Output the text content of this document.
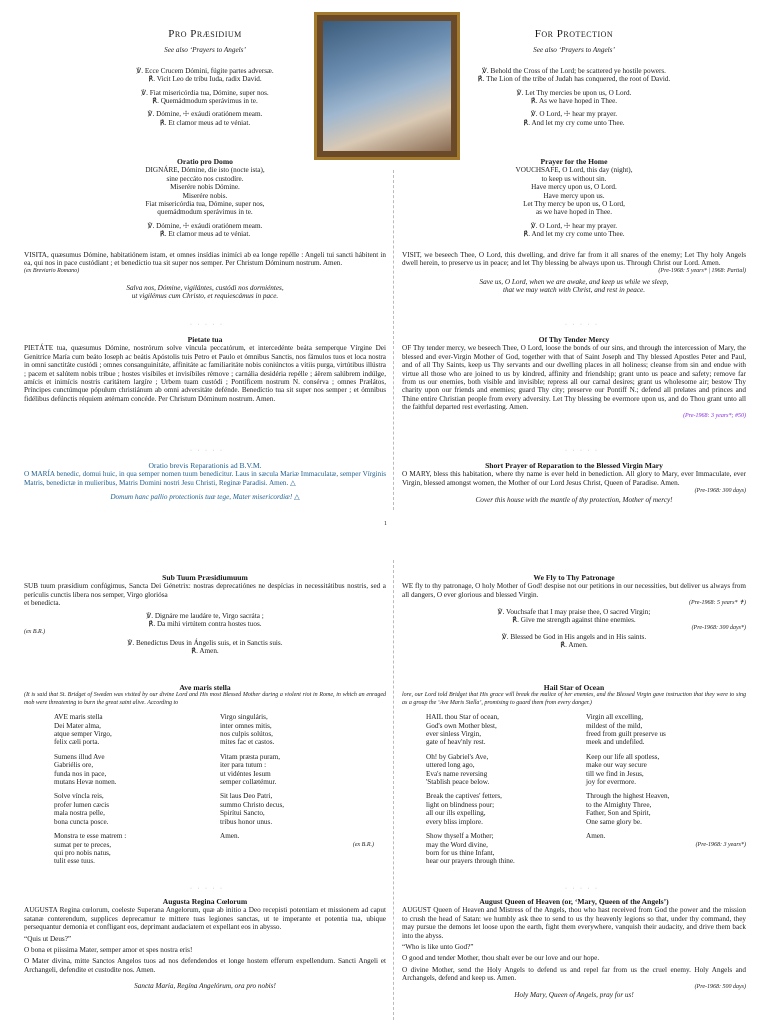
Pro Præsidium
See also ‘Prayers to Angels’
℣. Ecce Crucem Dómini, fúgite partes adversæ.
℟. Vicit Leo de tribu Iuda, radix David.
℣. Fiat misericórdia tua, Dómine, super nos.
℟. Quemádmodum sperávimus in te.
℣. Dómine, ☩ exáudi oratiónem meam.
℟. Et clamor meus ad te véniat.
For Protection
See also ‘Prayers to Angels’
℣. Behold the Cross of the Lord; be scattered ye hostile powers.
℟. The Lion of the tribe of Judah has conquered, the root of David.
℣. Let Thy mercies be upon us, O Lord.
℟. As we have hoped in Thee.
℣. O Lord, ☩ hear my prayer.
℟. And let my cry come unto Thee.
Oratio pro Domo
DIGNÁRE, Dómine, die isto (nocte ista),
sine peccáto nos custodíre.
Miserére nobis Dómine.
Miserére nobis.
Fiat misericórdia tua, Dómine, super nos,
quemádmodum sperávimus in te.
℣. Dómine, ☩ exáudi oratiónem meam.
℟. Et clamor meus ad te véniat.

VISITA, quæsumus Dómine, habitatiónem istam, et omnes insídias inimíci ab ea longe repélle : Angeli tui sancti hábitent in ea, qui nos in pace custódiant ; et benedíctio tua sit super nos semper. Per Christum Dóminum nostrum. Amen.

(ex Breviario Romano)
Salva nos, Dómine, vigilántes, custódi nos dormiéntes,
ut vigilémus cum Christo, et requiescámus in pace.
Prayer for the Home
VOUCHSAFE, O Lord, this day (night),
to keep us without sin.
Have mercy upon us, O Lord.
Have mercy upon us.
Let Thy mercy be upon us, O Lord,
as we have hoped in Thee.
℣. O Lord, ☩ hear my prayer.
℟. And let my cry come unto Thee.

VISIT, we beseech Thee, O Lord, this dwelling, and drive far from it all snares of the enemy; Let Thy holy Angels dwell herein, to preserve us in peace; and let Thy blessing be always upon us. Through Christ our Lord. Amen.

(Pre-1968: 5 years* | 1968: Partial)
Save us, O Lord, when we are awake, and keep us while we sleep,
that we may watch with Christ, and rest in peace.
· · · · ·	· · · · ·
Pietate tua

PIETÁTE tua, quæsumus Dómine, nostrórum solve víncula peccatórum, et intercedénte beáta semperque Vírgine Dei Genitríce María cum beáto Ioseph ac beátis Apóstolis tuis Petro et Paulo et ómnibus Sanctis, nos fámulos tuos et loca nostra in omni sanctitáte custódi ; omnes consanguinitáte, affinitáte ac familiaritáte nobis coniúnctos a vítiis purga, virtútibus illústra ; pacem et salútem nobis tríbue ; hostes visíbiles et invisíbiles rémove ; carnália desidéria repélle ; áërem salúbrem indúlge, amícis et inimícis nostris caritátem largíre ; Urbem tuam custódi ; Pontíficem nostrum N. consérva ; omnes Prælátos, Príncipes cunctúmque pópulum christiánum ab omni adversitáte defénde. Benedíctio tua sit super nos semper ; et ómnibus fidélibus defúnctis réquiem ætérnam concéde. Per Christum Dóminum nostrum. Amen.

Of Thy Tender Mercy

OF Thy tender mercy, we beseech Thee, O Lord, loose the bonds of our sins, and through the intercession of Mary, the blessed and ever-Virgin Mother of God, together with that of Saint Joseph and Thy blessed Apostles Peter and Paul, and of all Thy Saints, keep us Thy servants and our dwelling places in all holiness; cleanse from sin and endue with virtue all those who are joined to us by kindred, affinity and friendship; grant unto us peace and safety; remove far from us our enemies, both visible and invisible; repress all our carnal desires; grant us wholesome air; bestow Thy charity upon our friends and enemies; guard Thy city; preserve our Pontiff N.; defend all prelates and princes and Thine entire Christian people from every adversity. Let Thy blessing be evermore upon us, and do Thou grant unto all the faithful departed rest everlasting. Amen.

(Pre-1968: 3 years*; #50)
· · · · ·	· · · · ·
Oratio brevis Reparationis ad B.V.M.

O MARÍA benedic, domui huic, in qua semper nomen tuum benedicitur. Laus in sæcula Mariæ Immaculatæ, semper Vírginis Matris, benedictæ in mulieribus, Matris Domini nostri Jesu Christi, Reginæ Paradisi. Amen. △

Domum hanc pallio protectionis tuæ tege, Mater misericordiæ! △
Short Prayer of Reparation to the Blessed Virgin Mary

O MARY, bless this habitation, where thy name is ever held in benediction. All glory to Mary, ever Immaculate, ever Virgin, blessed amongst women, the Mother of our Lord Jesus Christ, Queen of Paradise. Amen.

(Pre-1968: 300 days)
Cover this house with the mantle of thy protection, Mother of mercy!
1
Sub Tuum Præsidiumuum

SUB tuum præsídium confúgimus, Sancta Dei Génetrix: nostras deprecatiónes ne despícias in necessitátibus nostris, sed a perículis cunctis líbera nos semper, Virgo gloriósa

et benedícta.
℣. Dignáre me laudáre te, Virgo sacráta ;
℟. Da mihi virtútem contra hostes tuos.
(ex B.R.)
℣. Benedíctus Deus in Ángelis suis, et in Sanctis suis.
℟. Amen.
We Fly to Thy Patronage

WE fly to thy patronage, O holy Mother of God! despise not our petitions in our necessities, but deliver us always from all dangers, O ever glorious and blessed Virgin.

(Pre-1968: 5 years* ✝)
℣. Vouchsafe that I may praise thee, O sacred Virgin;
℟. Give me strength against thine enemies.
(Pre-1968: 300 days*)
℣. Blessed be God in His angels and in His saints.
℟. Amen.
Ave maris stella

(It is said that St. Bridget of Sweden was visited by our divine Lord and His most Blessed Mother during a violent riot in Rome, in which an enraged mob were threatening to burn the great saint alive. According to

AVE maris stella
Dei Mater alma,
atque semper Virgo,
felix cæli porta.
Sumens illud Ave
Gabriélis ore,
funda nos in pace,
mutans Hevæ nomen.
Solve víncla reis,
profer lumen cæcis
mala nostra pelle,
bona cuncta posce.
Monstra te esse matrem :
sumat per te preces,
qui pro nobis natus,
tulit esse tuus.
Virgo singuláris,
inter omnes mitis,
nos culpis solútos,
mites fac et castos.
Vitam præsta puram,
iter para tutum :
ut vidéntes Iesum
semper collætémur.
Sit laus Deo Patri,
summo Christo decus,
Spirítui Sancto,
tribus honor unus.
Amen.
(ex B.R.)
Hail Star of Ocean

lore, our Lord told Bridget that His grace will break the malice of her enemies, and the Blessed Virgin gave instruction that they were to sing as a group the ‘Ave Maris Stella’, promising to guard them from every danger.)

HAIL thou Star of ocean,
God's own Mother blest,
ever sinless Virgin,
gate of heav'nly rest.
Oh! by Gabriel's Ave,
uttered long ago,
Eva's name reversing
'Stablish peace below.
Break the captives' fetters,
light on blindness pour;
all our ills expelling,
every bliss implore.
Show thyself a Mother;
may the Word divine,
born for us thine Infant,
hear our prayers through thine.
Virgin all excelling,
mildest of the mild,
freed from guilt preserve us
meek and undefiled.
Keep our life all spotless,
make our way secure
till we find in Jesus,
joy for evermore.
Through the highest Heaven,
to the Almighty Three,
Father, Son and Spirit,
One same glory be.
Amen.
(Pre-1968: 3 years*)
· · · · ·	· · · · ·
Augusta Regina Cœlorum

AUGUSTA Regina cœlorum, coeleste Superana Angelorum, quæ ab initio a Deo recepisti potentiam et missionem ad caput satanæ conterendum, supplices deprecamur te mittere tuas legiones sanctas, ut te imperante et potentia tua, ubique persequantur demonia et confligant eos, deprimant audaciatem et expellant eos in abysso.

“Quis ut Deus?”
O bona et piissima Mater, semper amor et spes nostra eris!

O Mater divina, mitte Sanctos Angelos tuos ad nos defendendos et longe hostem efferum expellendum. Sancti Angeli et Archangeli, defendite et custodite nos. Amen.

Sancta María, Regína Angelórum, ora pro nobis!
August Queen of Heaven (or, ‘Mary, Queen of the Angels’)

AUGUST Queen of Heaven and Mistress of the Angels, thou who hast received from God the power and the mission to crush the head of Satan: we humbly ask thee to send to us thy heavenly legions so that, under thy command, they may pursue the demons let loose upon the earth, fight them everywhere, vanquish their audacity, and drive them back into the abyss.

“Who is like unto God?”
O good and tender Mother, thou shalt ever be our love and our hope.

O divine Mother, send the Holy Angels to defend us and repel far from us the cruel enemy. Holy Angels and Archangels, defend and keep us. Amen.

(Pre-1968: 500 days)
Holy Mary, Queen of Angels, pray for us!
